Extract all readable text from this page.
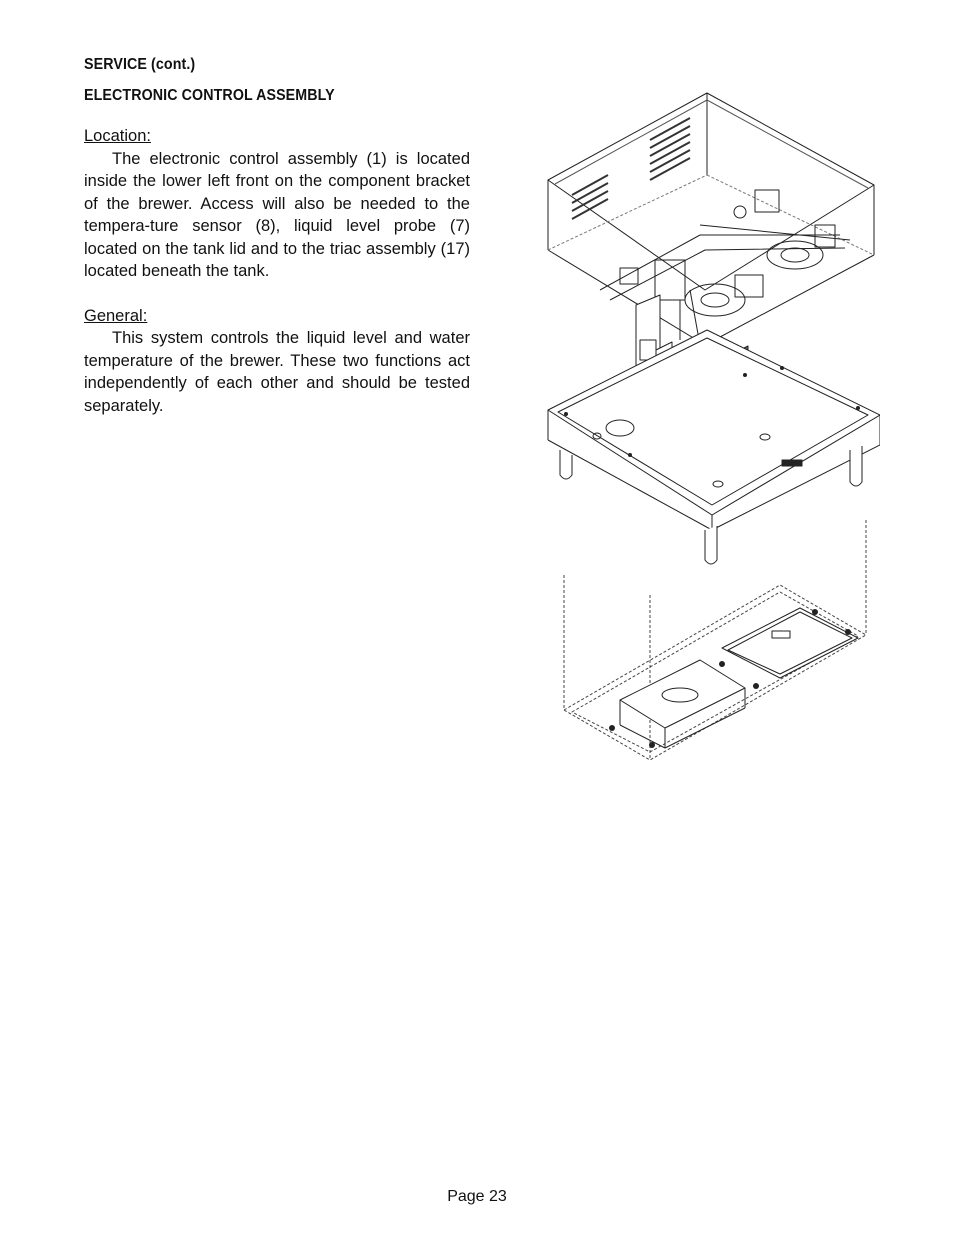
SERVICE (cont.)
ELECTRONIC CONTROL ASSEMBLY
Location:

The electronic control assembly (1) is located inside the lower left front on the component bracket of the brewer. Access will also be needed to the tempera-ture sensor (8), liquid level probe (7) located on the tank lid and to the triac assembly (17) located beneath the tank.

General:

This system controls the liquid level and water temperature of the brewer. These two functions act independently of each other and should be tested separately.

Page 23
